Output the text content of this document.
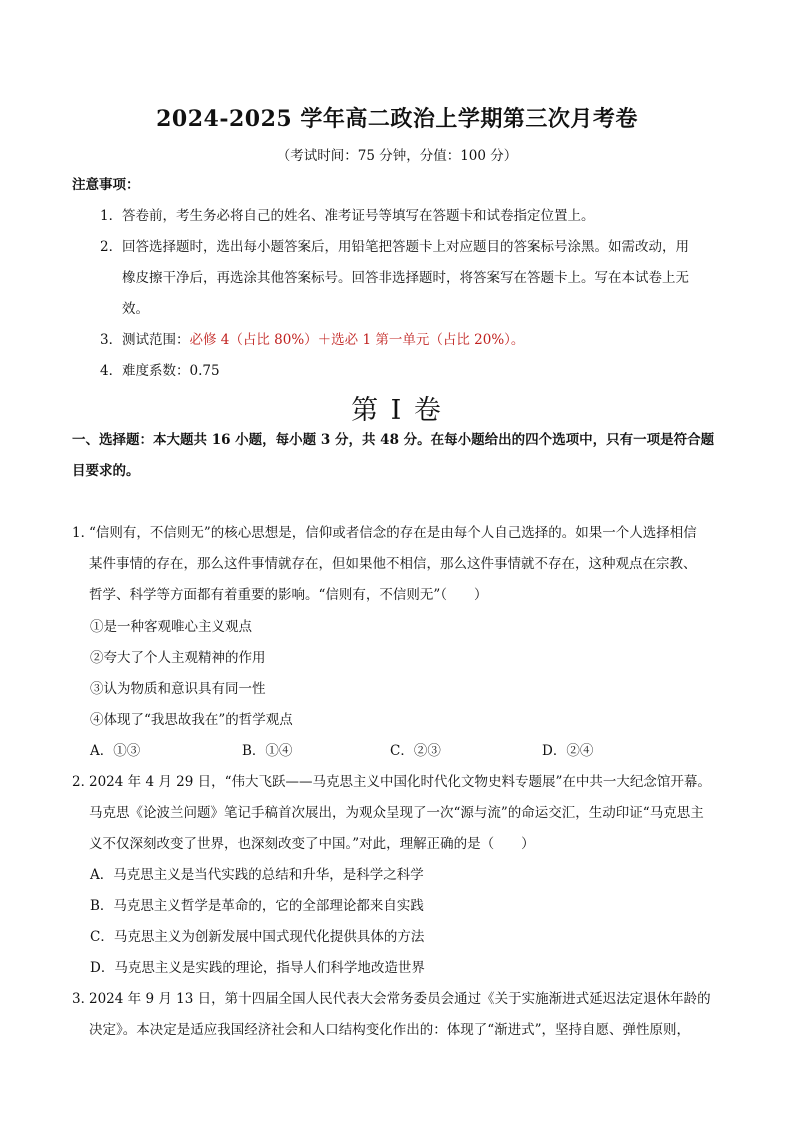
2024-2025 学年高二政治上学期第三次月考卷
（考试时间：75 分钟，分值：100 分）
注意事项：
1．答卷前，考生务必将自己的姓名、准考证号等填写在答题卡和试卷指定位置上。
2．回答选择题时，选出每小题答案后，用铅笔把答题卡上对应题目的答案标号涂黑。如需改动，用
橡皮擦干净后，再选涂其他答案标号。回答非选择题时，将答案写在答题卡上。写在本试卷上无
效。
3．测试范围：必修 4（占比 80%）＋选必 1 第一单元（占比 20%）。
4．难度系数：0.75
第 I 卷
一、选择题：本大题共 16 小题，每小题 3 分，共 48 分。在每小题给出的四个选项中，只有一项是符合题
目要求的。
1．“信则有，不信则无”的核心思想是，信仰或者信念的存在是由每个人自己选择的。如果一个人选择相信
某件事情的存在，那么这件事情就存在，但如果他不相信，那么这件事情就不存在，这种观点在宗教、
哲学、科学等方面都有着重要的影响。“信则有，不信则无”（　　）
①是一种客观唯心主义观点
②夸大了个人主观精神的作用
③认为物质和意识具有同一性
④体现了“我思故我在”的哲学观点
A．①③	B．①④	C．②③	D．②④
2．2024 年 4 月 29 日，“伟大飞跃——马克思主义中国化时代化文物史料专题展”在中共一大纪念馆开幕。
马克思《论波兰问题》笔记手稿首次展出，为观众呈现了一次“源与流”的命运交汇，生动印证“马克思主
义不仅深刻改变了世界，也深刻改变了中国。”对此，理解正确的是（　　）
A．马克思主义是当代实践的总结和升华，是科学之科学
B．马克思主义哲学是革命的，它的全部理论都来自实践
C．马克思主义为创新发展中国式现代化提供具体的方法
D．马克思主义是实践的理论，指导人们科学地改造世界
3．2024 年 9 月 13 日，第十四届全国人民代表大会常务委员会通过《关于实施渐进式延迟法定退休年龄的
决定》。本决定是适应我国经济社会和人口结构变化作出的：体现了“渐进式”，坚持自愿、弹性原则，
